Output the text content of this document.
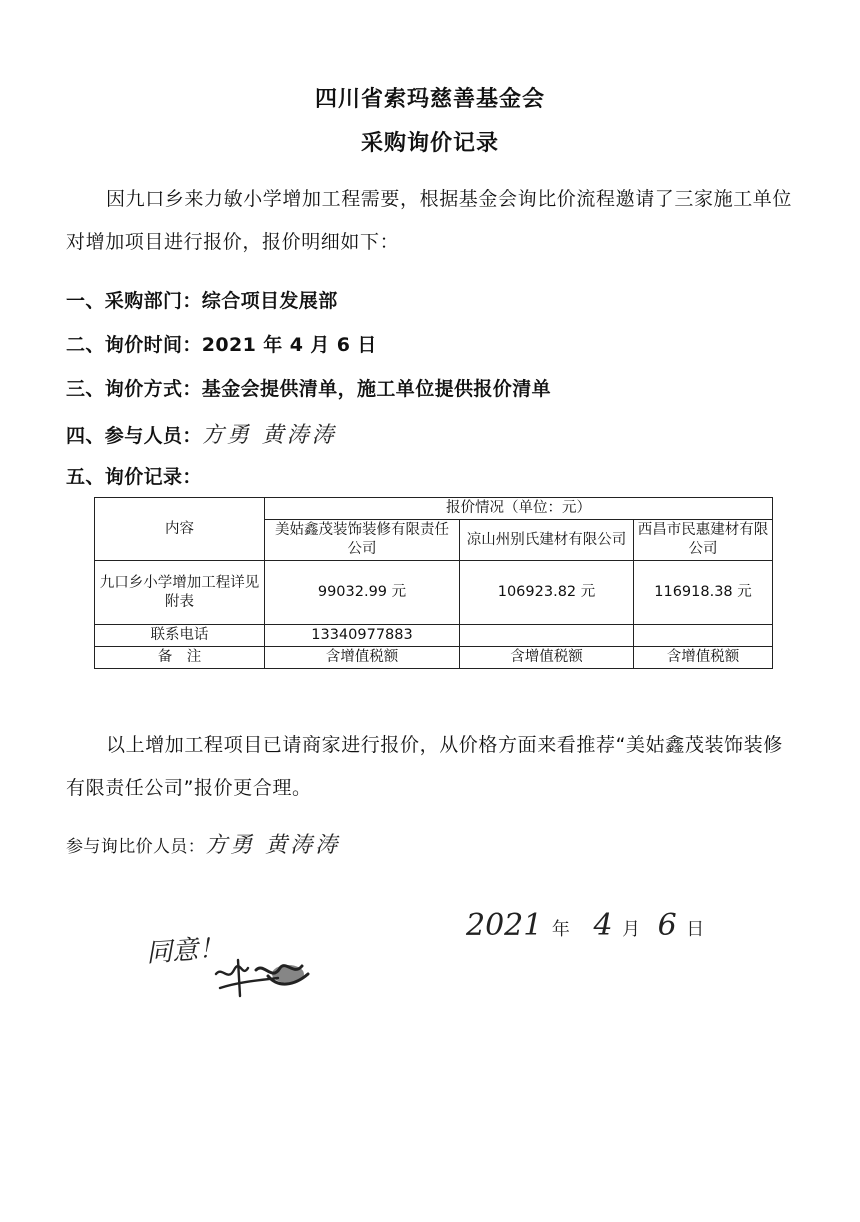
四川省索玛慈善基金会
采购询价记录

因九口乡来力敏小学增加工程需要，根据基金会询比价流程邀请了三家施工单位对增加项目进行报价，报价明细如下：

一、采购部门：综合项目发展部
二、询价时间：2021 年 4 月 6 日
三、询价方式：基金会提供清单，施工单位提供报价清单
四、参与人员：方勇 黄涛涛
五、询价记录：
内容	报价情况（单位：元）		
	美姑鑫茂装饰装修有限责任公司	凉山州别氏建材有限公司	西昌市民惠建材有限公司
九口乡小学增加工程详见附表	99032.99 元	106923.82 元	116918.38 元
联系电话	13340977883		
备　注	含增值税额	含增值税额	含增值税额

以上增加工程项目已请商家进行报价，从价格方面来看推荐“美姑鑫茂装饰装修有限责任公司”报价更合理。

参与询比价人员：方勇 黄涛涛
2021 年 4 月 6 日
同意！
